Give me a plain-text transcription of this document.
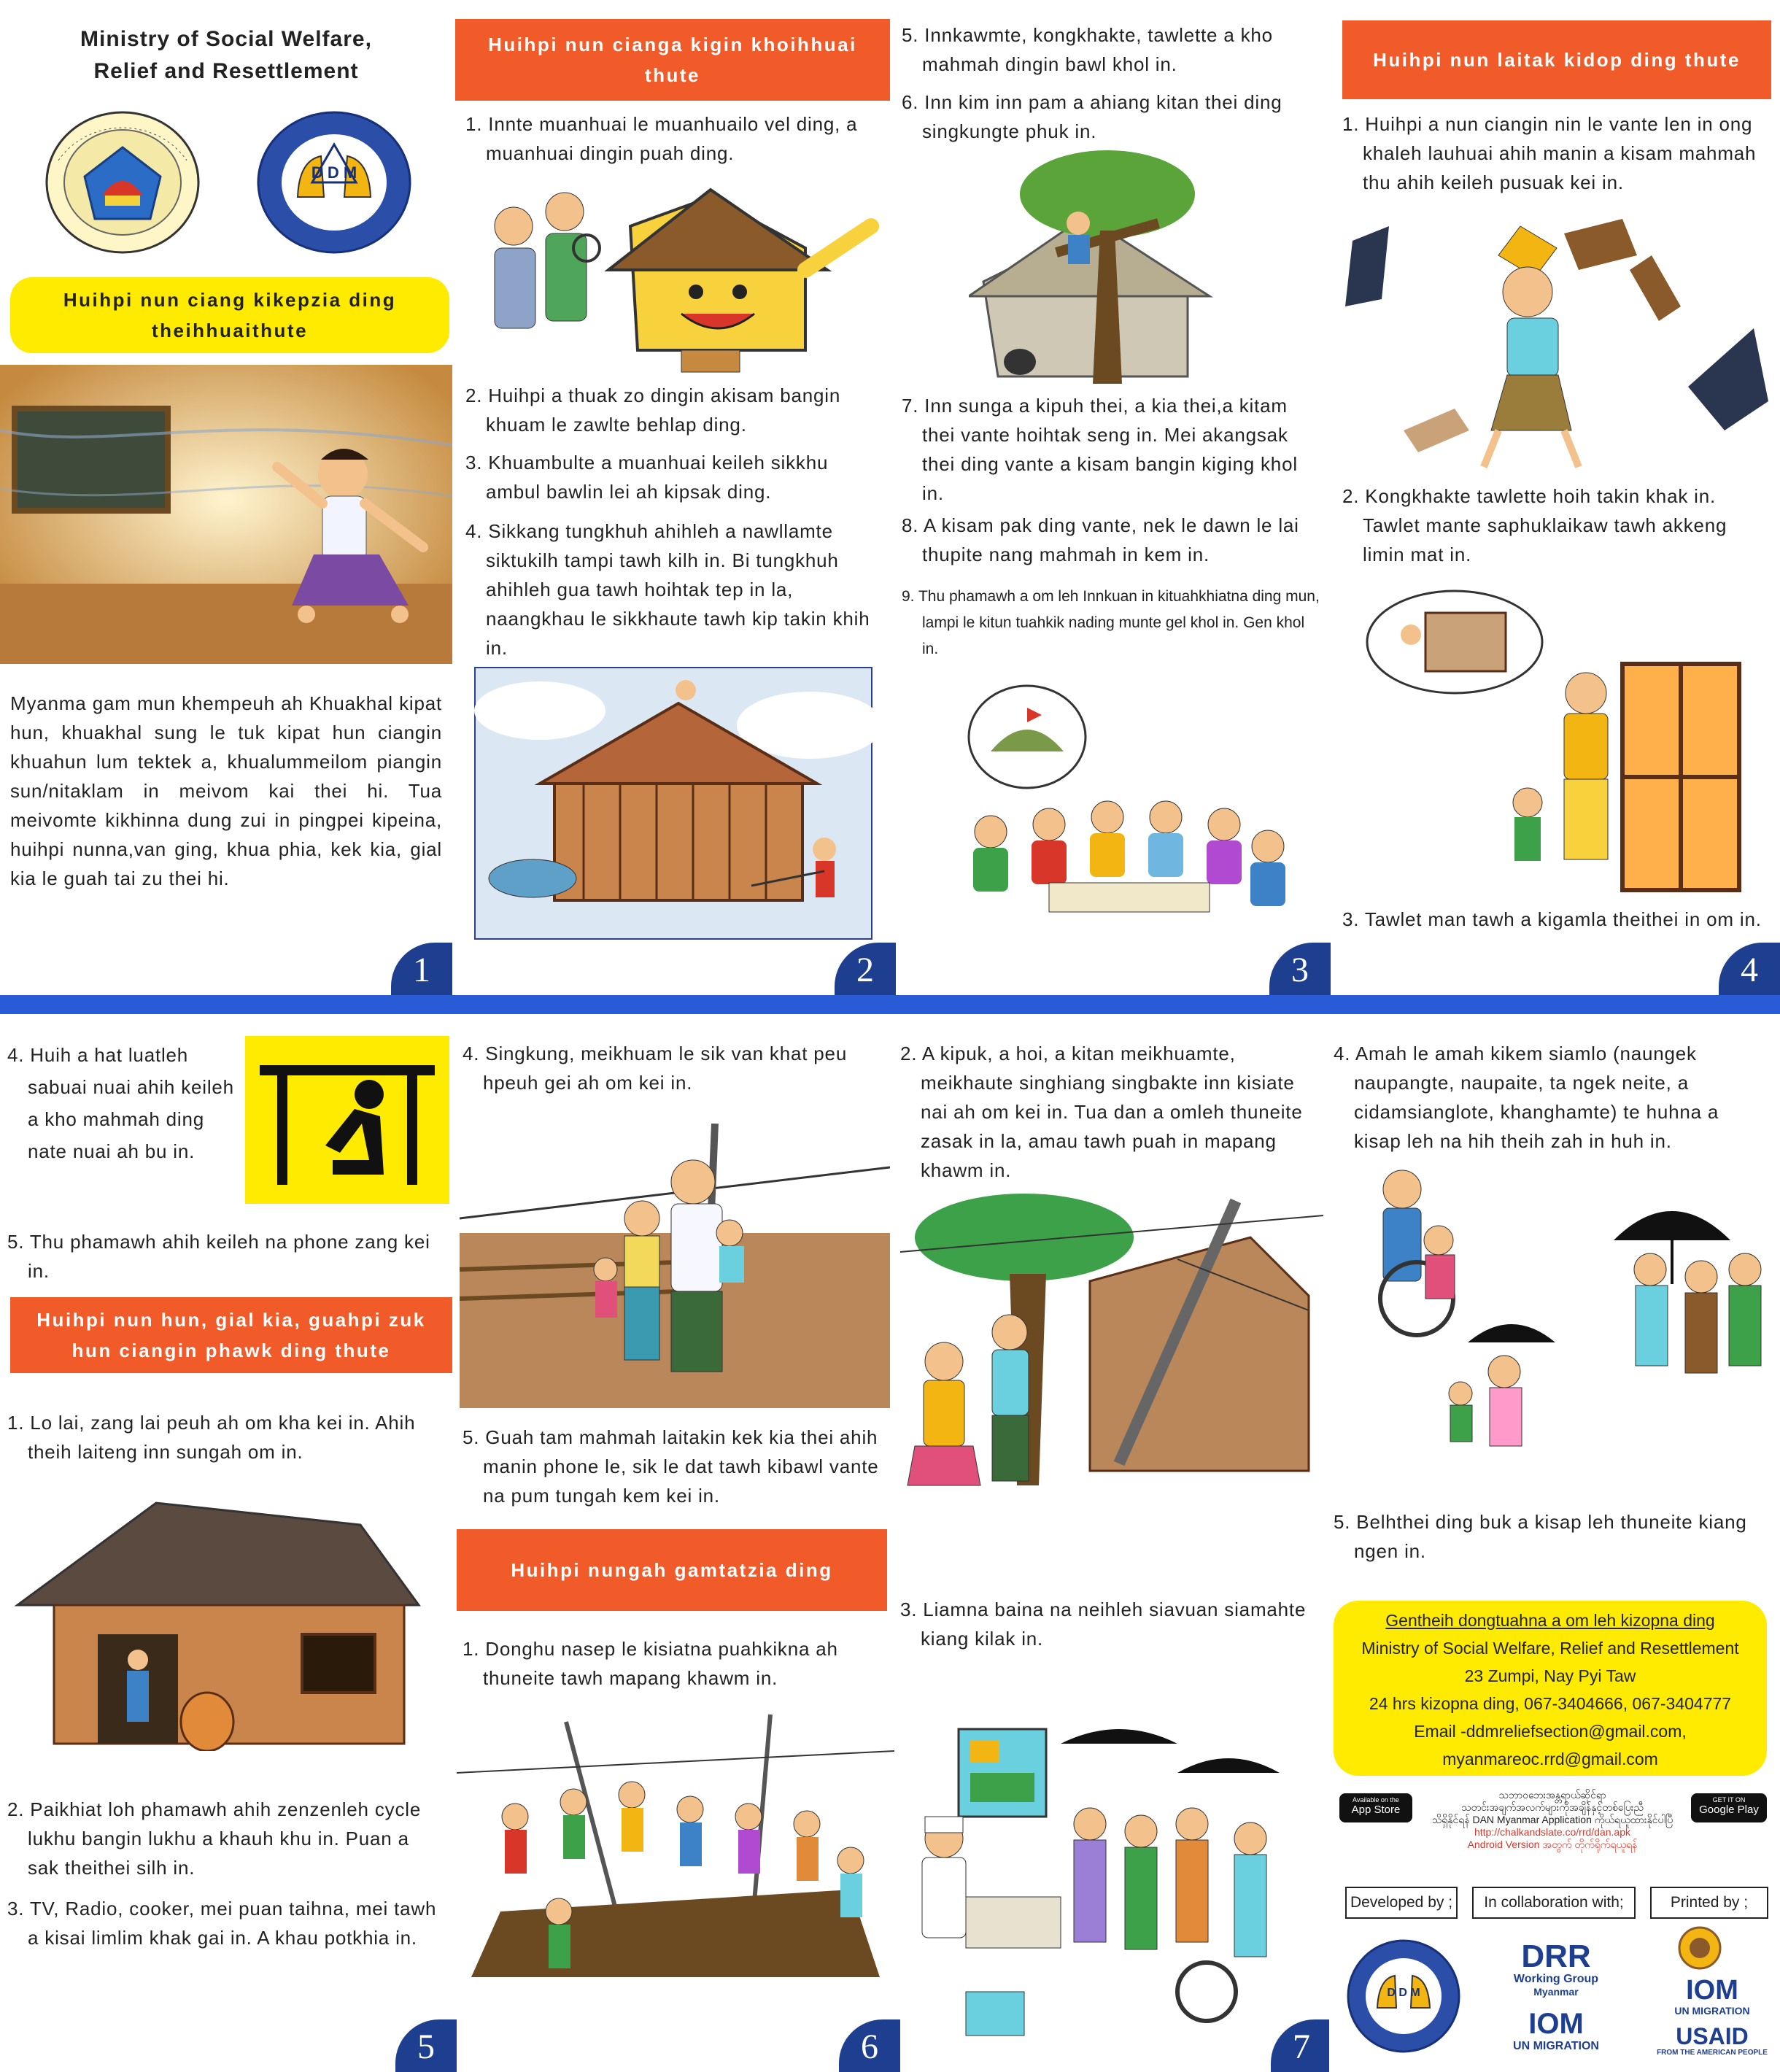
Ministry of Social Welfare,
Relief and Resettlement
D D M
Huihpi nun ciang kikepzia ding theihhuaithute
Myanma gam mun khempeuh ah Khuakhal kipat hun, khuakhal sung le tuk kipat hun ciangin khuahun lum tektek a, khualummeilom piangin sun/nitaklam in meivom kai thei hi. Tua meivomte kikhinna dung zui in pingpei kipeina, huihpi nunna,van ging, khua phia, kek kia, gial kia le guah tai zu thei hi.
1
Huihpi nun cianga kigin khoihhuai thute
1. Innte muanhuai le muanhuailo vel ding, a muanhuai dingin puah ding.
2. Huihpi a thuak zo dingin akisam bangin khuam le zawlte behlap ding.
3. Khuambulte a muanhuai keileh sikkhu ambul bawlin lei ah kipsak ding.
4. Sikkang tungkhuh ahihleh a nawllamte siktukilh tampi tawh kilh in. Bi tungkhuh ahihleh gua tawh hoihtak tep in la, naangkhau le sikkhaute tawh kip takin khih in.
2
5. Innkawmte, kongkhakte, tawlette a kho mahmah dingin bawl khol in.
6. Inn kim inn pam a ahiang kitan thei ding singkungte phuk in.
7. Inn sunga a kipuh thei, a kia thei,a kitam thei vante hoihtak seng in. Mei akangsak thei ding vante a kisam bangin kiging khol in.
8. A kisam pak ding vante, nek le dawn le lai thupite nang mahmah in kem in.
9. Thu phamawh a om leh Innkuan in kituahkhiatna ding mun, lampi le kitun tuahkik nading munte gel khol in. Gen khol in.
3
Huihpi nun laitak kidop ding thute
1. Huihpi a nun ciangin nin le vante len in ong khaleh lauhuai ahih manin a kisam mahmah thu ahih keileh pusuak kei in.
2. Kongkhakte tawlette hoih takin khak in. Tawlet mante saphuklaikaw tawh akkeng limin mat in.
3. Tawlet man tawh a kigamla theithei in om in.
4
4. Huih a hat luatleh sabuai nuai ahih keileh a kho mahmah ding nate nuai ah bu in.
5. Thu phamawh ahih keileh na phone zang kei in.
Huihpi nun hun, gial kia, guahpi zuk hun ciangin phawk ding thute
1. Lo lai, zang lai peuh ah om kha kei in. Ahih theih laiteng inn sungah om in.
2. Paikhiat loh phamawh ahih zenzenleh cycle lukhu bangin lukhu a khauh khu in. Puan a sak theithei silh in.
3. TV, Radio, cooker, mei puan taihna, mei tawh a kisai limlim khak gai in. A khau potkhia in.
5
4. Singkung, meikhuam le sik van khat peu hpeuh gei ah om kei in.
5. Guah tam mahmah laitakin kek kia thei ahih manin phone le, sik le dat tawh kibawl vante na pum tungah kem kei in.
Huihpi nungah gamtatzia ding
1. Donghu nasep le kisiatna puahkikna ah thuneite tawh mapang khawm in.
6
2. A kipuk, a hoi, a kitan meikhuamte, meikhaute singhiang singbakte inn kisiate nai ah om kei in. Tua dan a omleh thuneite zasak in la, amau tawh puah in mapang khawm in.
3. Liamna baina na neihleh siavuan siamahte kiang kilak in.
7
4. Amah le amah kikem siamlo (naungek naupangte, naupaite, ta ngek neite, a cidamsianglote, khanghamte) te huhna a kisap leh na hih theih zah in huh in.
5. Belhthei ding buk a kisap leh thuneite kiang ngen in.
Gentheih dongtuahna a om leh kizopna ding
Ministry of Social Welfare, Relief and Resettlement
23 Zumpi, Nay Pyi Taw
24 hrs kizopna ding, 067-3404666, 067-3404777
Email -ddmreliefsection@gmail.com,
myanmareoc.rrd@gmail.com
Available on the
App Store
GET IT ON
Google Play
သဘာဝဘေးအန္တရာယ်ဆိုင်ရာ
သတင်းအချက်အလက်များကိုအချိန်နှင့်တစ်ပြေးညီ
သိရှိနိုင်ရန် DAN Myanmar Application ကိုယ်ရယူထားနိုင်ပါပြီ
http://chalkandslate.co/rrd/dan.apk
Android Version အတွက် တိုက်ရိုက်ရယူရန်
Developed by ;	In collaboration with;	Printed by ;
D D M
DRR
Working Group
Myanmar
IOM
UN MIGRATION
IOM
UN MIGRATION
USAID
FROM THE AMERICAN PEOPLE
